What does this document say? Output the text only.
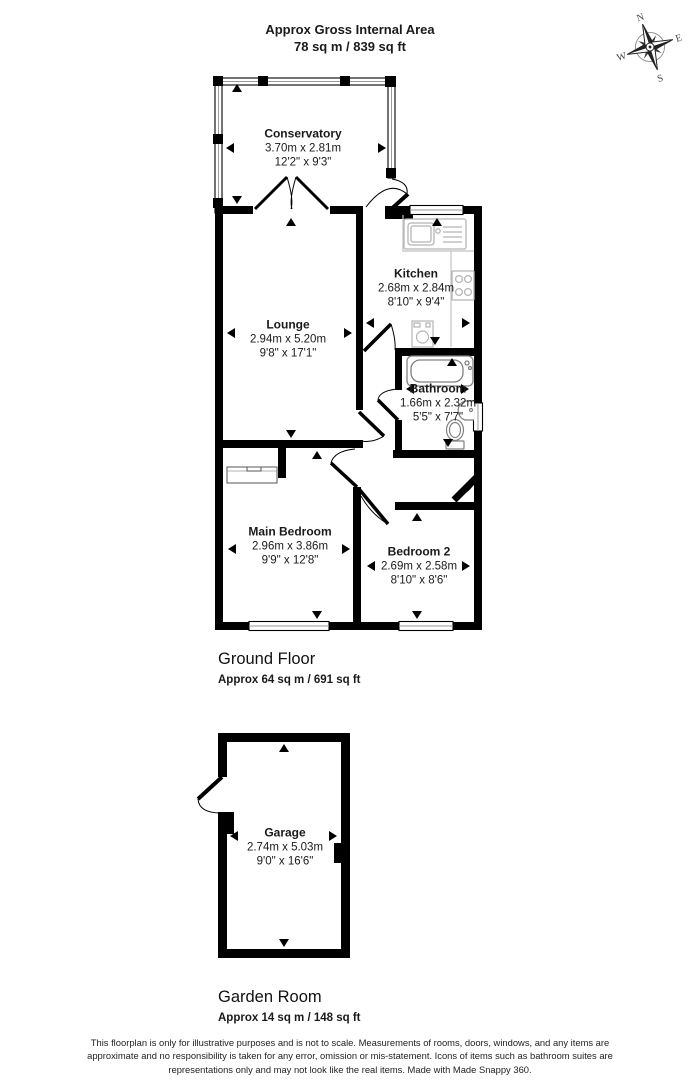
N
E
S
W
Approx Gross Internal Area
78 sq m / 839 sq ft
Conservatory
3.70m x 2.81m
12'2" x 9'3"
Lounge
2.94m x 5.20m
9'8" x 17'1"
Kitchen
2.68m x 2.84m
8'10" x 9'4"
Bathroom
1.66m x 2.32m
5'5" x 7'7"
Main Bedroom
2.96m x 3.86m
9'9" x 12'8"
Bedroom 2
2.69m x 2.58m
8'10" x 8'6"
Garage
2.74m x 5.03m
9'0" x 16'6"
Ground Floor
Approx 64 sq m / 691 sq ft
Garden Room
Approx 14 sq m / 148 sq ft
This floorplan is only for illustrative purposes and is not to scale. Measurements of rooms, doors, windows, and any items are approximate and no responsibility is taken for any error, omission or mis-statement. Icons of items such as bathroom suites are representations only and may not look like the real items. Made with Made Snappy 360.
